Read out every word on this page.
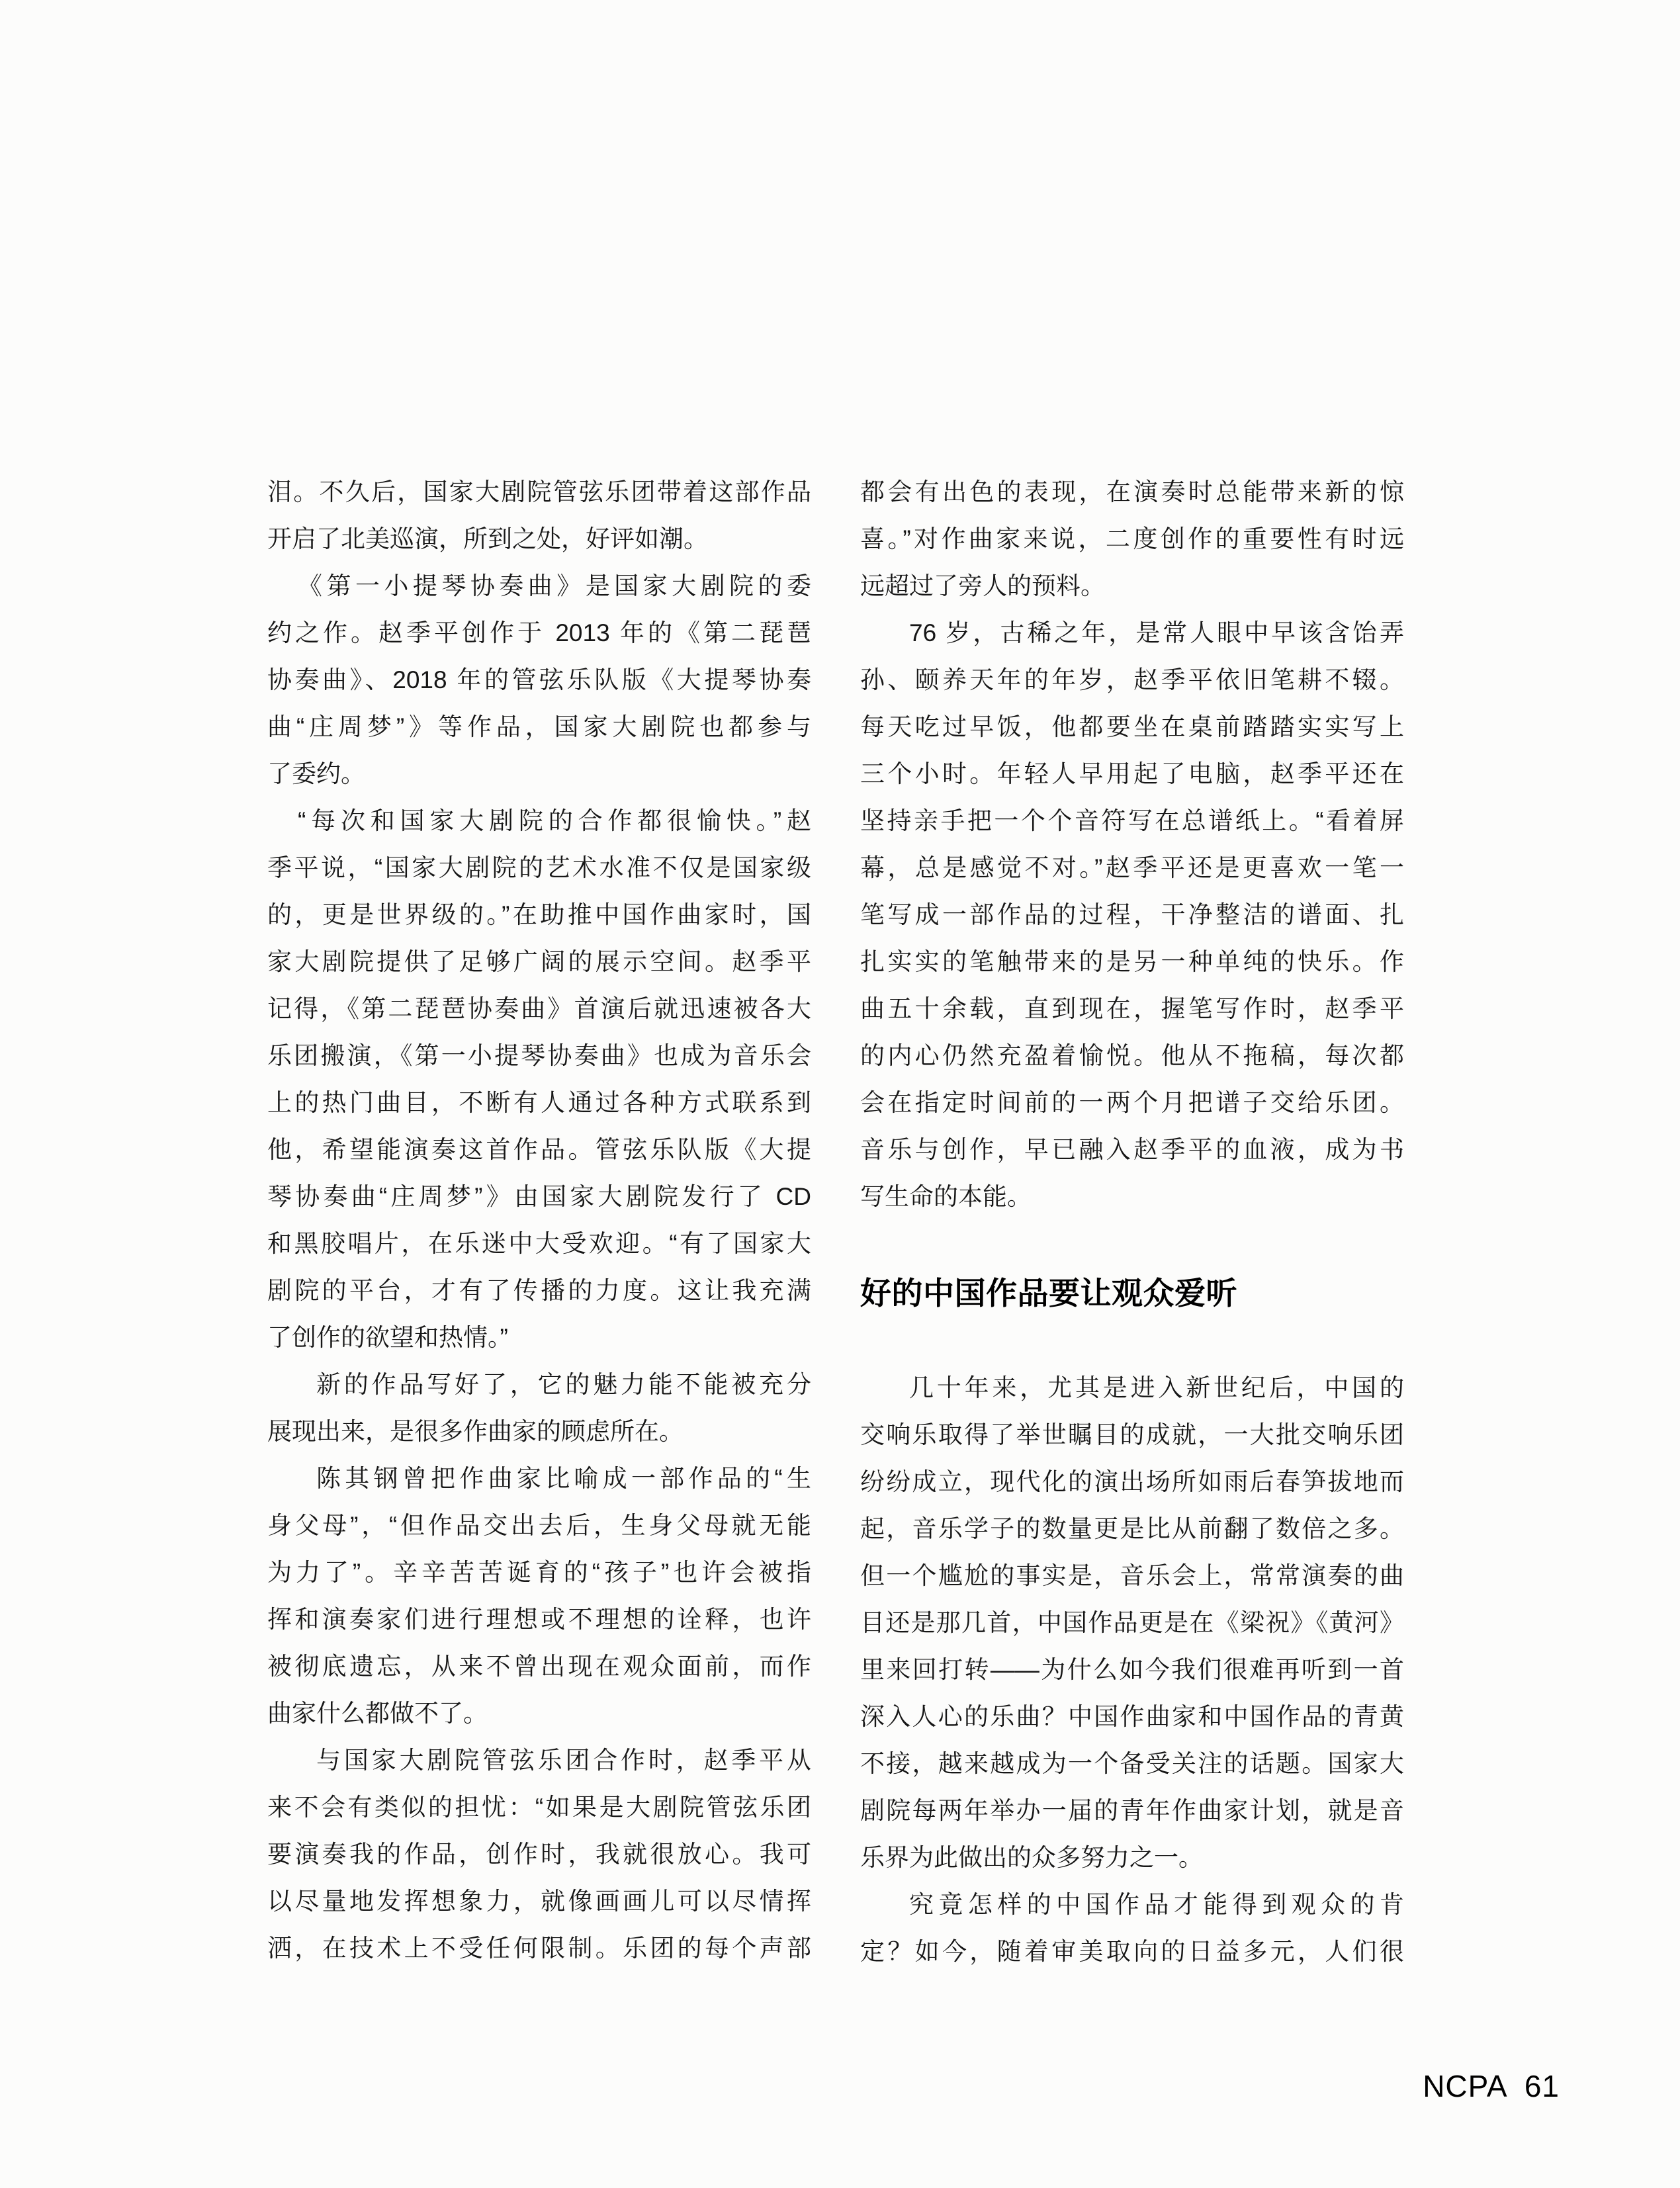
泪。不久后，国家大剧院管弦乐团带着这部作品
开启了北美巡演，所到之处，好评如潮。
《第一小提琴协奏曲》是国家大剧院的委
约之作。赵季平创作于 2013 年的《第二琵琶
协奏曲》、2018 年的管弦乐队版《大提琴协奏
曲“庄周梦”》等作品，国家大剧院也都参与
了委约。
“每次和国家大剧院的合作都很愉快。”赵
季平说，“国家大剧院的艺术水准不仅是国家级
的，更是世界级的。”在助推中国作曲家时，国
家大剧院提供了足够广阔的展示空间。赵季平
记得，《第二琵琶协奏曲》首演后就迅速被各大
乐团搬演，《第一小提琴协奏曲》也成为音乐会
上的热门曲目，不断有人通过各种方式联系到
他，希望能演奏这首作品。管弦乐队版《大提
琴协奏曲“庄周梦”》由国家大剧院发行了 CD
和黑胶唱片，在乐迷中大受欢迎。“有了国家大
剧院的平台，才有了传播的力度。这让我充满
了创作的欲望和热情。”
新的作品写好了，它的魅力能不能被充分
展现出来，是很多作曲家的顾虑所在。
陈其钢曾把作曲家比喻成一部作品的“生
身父母”，“但作品交出去后，生身父母就无能
为力了”。辛辛苦苦诞育的“孩子”也许会被指
挥和演奏家们进行理想或不理想的诠释，也许
被彻底遗忘，从来不曾出现在观众面前，而作
曲家什么都做不了。
与国家大剧院管弦乐团合作时，赵季平从
来不会有类似的担忧：“如果是大剧院管弦乐团
要演奏我的作品，创作时，我就很放心。我可
以尽量地发挥想象力，就像画画儿可以尽情挥
洒，在技术上不受任何限制。乐团的每个声部
都会有出色的表现，在演奏时总能带来新的惊
喜。”对作曲家来说，二度创作的重要性有时远
远超过了旁人的预料。
76 岁，古稀之年，是常人眼中早该含饴弄
孙、颐养天年的年岁，赵季平依旧笔耕不辍。
每天吃过早饭，他都要坐在桌前踏踏实实写上
三个小时。年轻人早用起了电脑，赵季平还在
坚持亲手把一个个音符写在总谱纸上。“看着屏
幕，总是感觉不对。”赵季平还是更喜欢一笔一
笔写成一部作品的过程，干净整洁的谱面、扎
扎实实的笔触带来的是另一种单纯的快乐。作
曲五十余载，直到现在，握笔写作时，赵季平
的内心仍然充盈着愉悦。他从不拖稿，每次都
会在指定时间前的一两个月把谱子交给乐团。
音乐与创作，早已融入赵季平的血液，成为书
写生命的本能。
好的中国作品要让观众爱听
几十年来，尤其是进入新世纪后，中国的
交响乐取得了举世瞩目的成就，一大批交响乐团
纷纷成立，现代化的演出场所如雨后春笋拔地而
起，音乐学子的数量更是比从前翻了数倍之多。
但一个尴尬的事实是，音乐会上，常常演奏的曲
目还是那几首，中国作品更是在《梁祝》《黄河》
里来回打转——为什么如今我们很难再听到一首
深入人心的乐曲？中国作曲家和中国作品的青黄
不接，越来越成为一个备受关注的话题。国家大
剧院每两年举办一届的青年作曲家计划，就是音
乐界为此做出的众多努力之一。
究竟怎样的中国作品才能得到观众的肯
定？如今，随着审美取向的日益多元，人们很
NCPA 61
